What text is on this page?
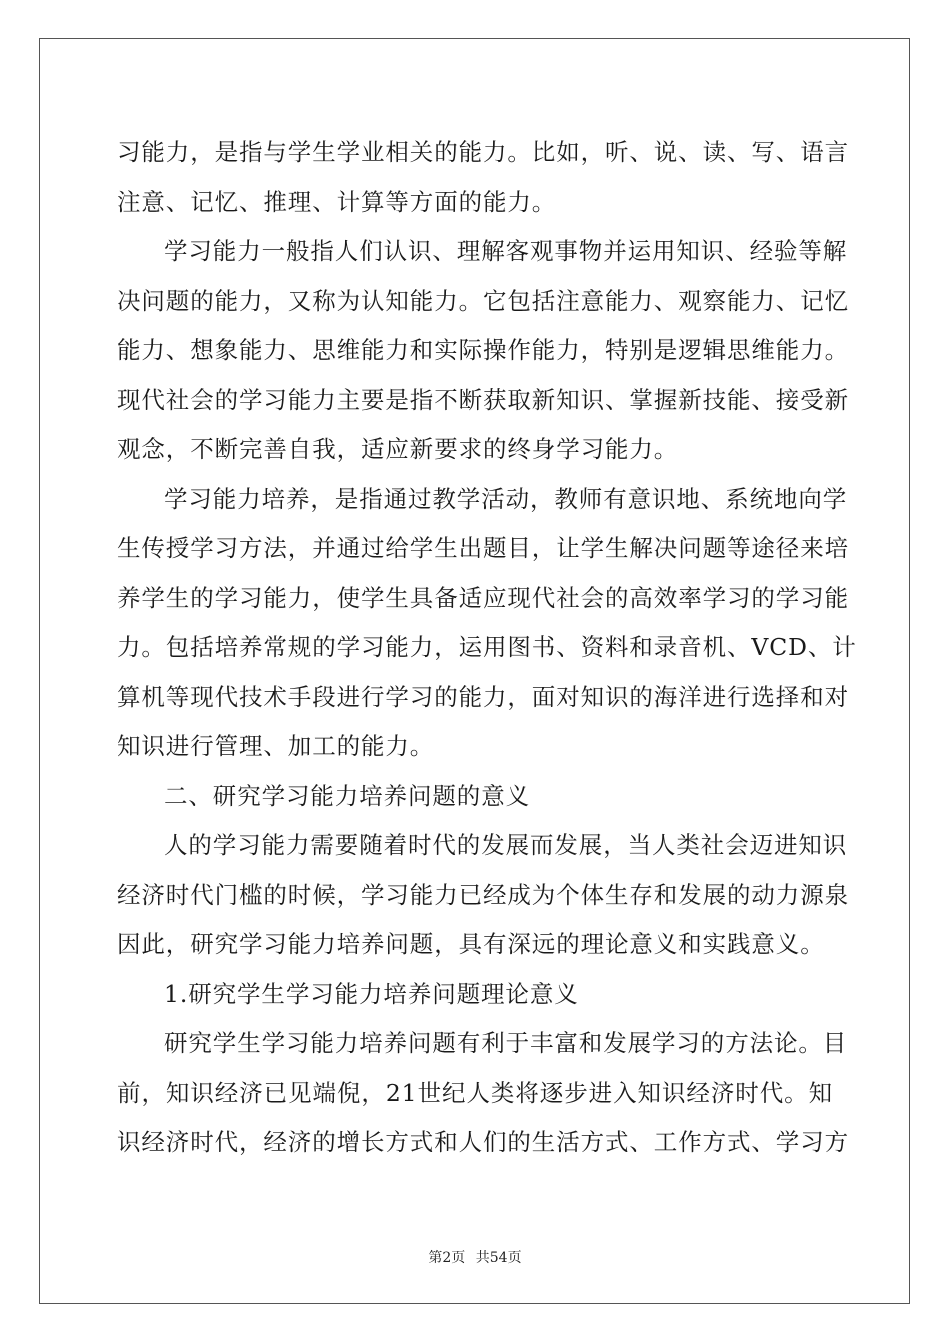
习能力，是指与学生学业相关的能力。比如，听、说、读、写、语言
注意、记忆、推理、计算等方面的能力。
学习能力一般指人们认识、理解客观事物并运用知识、经验等解
决问题的能力，又称为认知能力。它包括注意能力、观察能力、记忆
能力、想象能力、思维能力和实际操作能力，特别是逻辑思维能力。
现代社会的学习能力主要是指不断获取新知识、掌握新技能、接受新
观念，不断完善自我，适应新要求的终身学习能力。
学习能力培养，是指通过教学活动，教师有意识地、系统地向学
生传授学习方法，并通过给学生出题目，让学生解决问题等途径来培
养学生的学习能力，使学生具备适应现代社会的高效率学习的学习能
力。包括培养常规的学习能力，运用图书、资料和录音机、VCD、计
算机等现代技术手段进行学习的能力，面对知识的海洋进行选择和对
知识进行管理、加工的能力。
二、研究学习能力培养问题的意义
人的学习能力需要随着时代的发展而发展，当人类社会迈进知识
经济时代门槛的时候，学习能力已经成为个体生存和发展的动力源泉
因此，研究学习能力培养问题，具有深远的理论意义和实践意义。
1.研究学生学习能力培养问题理论意义
研究学生学习能力培养问题有利于丰富和发展学习的方法论。目
前，知识经济已见端倪，21世纪人类将逐步进入知识经济时代。知
识经济时代，经济的增长方式和人们的生活方式、工作方式、学习方
第2页 共54页
